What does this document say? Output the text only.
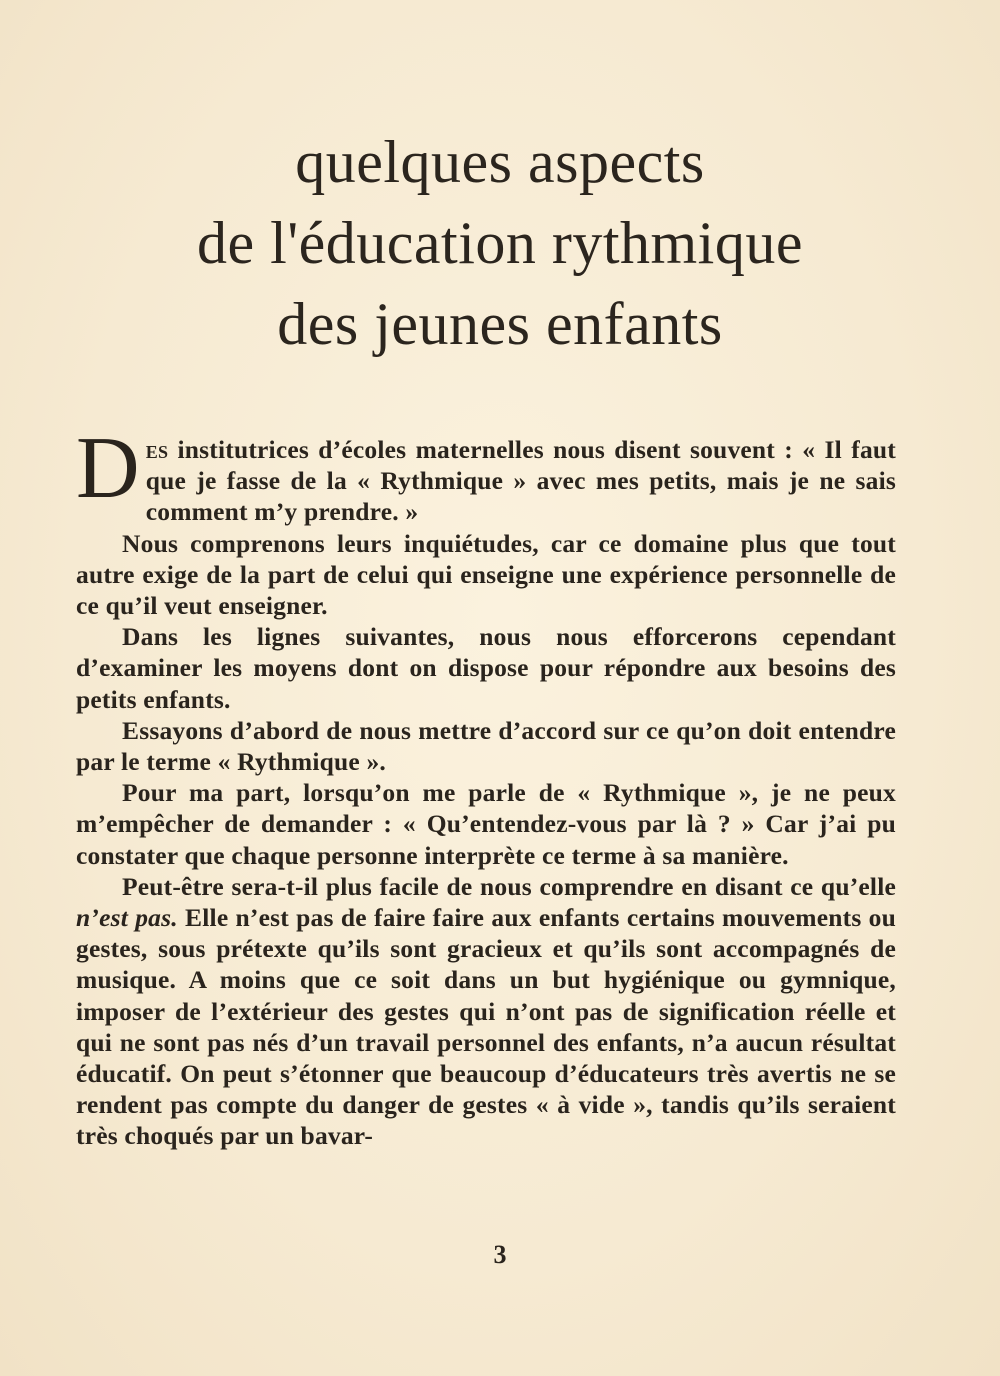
quelques aspects
de l'éducation rythmique
des jeunes enfants

Des institutrices d’écoles maternelles nous disent souvent : « Il faut que je fasse de la « Rythmique » avec mes petits, mais je ne sais comment m’y prendre. »

Nous comprenons leurs inquiétudes, car ce domaine plus que tout autre exige de la part de celui qui enseigne une expérience personnelle de ce qu’il veut enseigner.

Dans les lignes suivantes, nous nous efforcerons cependant d’examiner les moyens dont on dispose pour répondre aux besoins des petits enfants.

Essayons d’abord de nous mettre d’accord sur ce qu’on doit entendre par le terme « Rythmique ».

Pour ma part, lorsqu’on me parle de « Rythmique », je ne peux m’empêcher de demander : « Qu’entendez-vous par là ? » Car j’ai pu constater que chaque personne interprète ce terme à sa manière.

Peut-être sera-t-il plus facile de nous comprendre en disant ce qu’elle n’est pas. Elle n’est pas de faire faire aux enfants certains mouvements ou gestes, sous prétexte qu’ils sont gracieux et qu’ils sont accompagnés de musique. A moins que ce soit dans un but hygiénique ou gymnique, imposer de l’extérieur des gestes qui n’ont pas de signification réelle et qui ne sont pas nés d’un travail personnel des enfants, n’a aucun résultat éducatif. On peut s’étonner que beaucoup d’éducateurs très avertis ne se rendent pas compte du danger de gestes « à vide », tandis qu’ils seraient très choqués par un bavar-

3
